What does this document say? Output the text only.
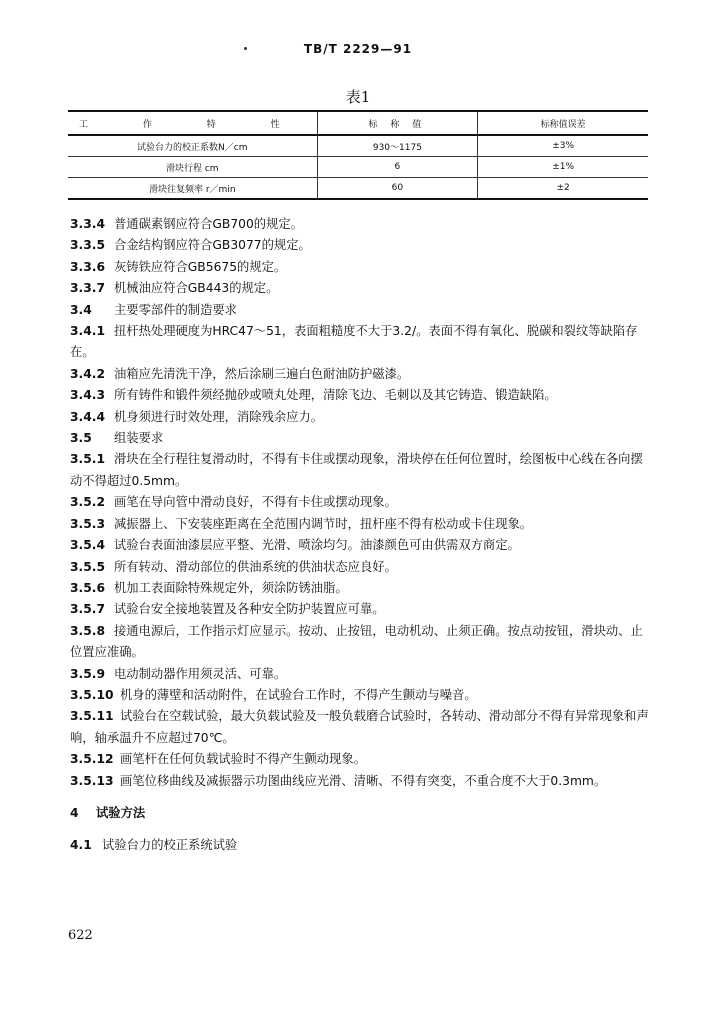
TB/T 2229—91
表1
工 作 特 性	标 称 值	标称值误差
试验台力的校正系数N／cm	930～1175	±3%
滑块行程 cm	6	±1%
滑块往复频率 r／min	60	±2

3.3.4 普通碳素钢应符合GB700的规定。

3.3.5 合金结构钢应符合GB3077的规定。

3.3.6 灰铸铁应符合GB5675的规定。

3.3.7 机械油应符合GB443的规定。

3.4 主要零部件的制造要求

3.4.1 扭杆热处理硬度为HRC47～51，表面粗糙度不大于3.2/。表面不得有氧化、脱碳和裂纹等缺陷存在。

3.4.2 油箱应先清洗干净，然后涂刷三遍白色耐油防护磁漆。

3.4.3 所有铸件和锻件须经抛砂或喷丸处理，清除飞边、毛刺以及其它铸造、锻造缺陷。

3.4.4 机身须进行时效处理，消除残余应力。

3.5 组装要求

3.5.1 滑块在全行程往复滑动时，不得有卡住或摆动现象，滑块停在任何位置时，绘图板中心线在各向摆动不得超过0.5mm。

3.5.2 画笔在导向管中滑动良好，不得有卡住或摆动现象。

3.5.3 减振器上、下安装座距离在全范围内调节时，扭杆座不得有松动或卡住现象。

3.5.4 试验台表面油漆层应平整、光滑、喷涂均匀。油漆颜色可由供需双方商定。

3.5.5 所有转动、滑动部位的供油系统的供油状态应良好。

3.5.6 机加工表面除特殊规定外，须涂防锈油脂。

3.5.7 试验台安全接地装置及各种安全防护装置应可靠。

3.5.8 接通电源后，工作指示灯应显示。按动、止按钮，电动机动、止须正确。按点动按钮，滑块动、止位置应准确。

3.5.9 电动制动器作用须灵活、可靠。

3.5.10 机身的薄壁和活动附件，在试验台工作时，不得产生颤动与噪音。

3.5.11 试验台在空载试验，最大负载试验及一般负载磨合试验时，各转动、滑动部分不得有异常现象和声响，轴承温升不应超过70℃。

3.5.12 画笔杆在任何负载试验时不得产生颤动现象。

3.5.13 画笔位移曲线及减振器示功图曲线应光滑、清晰、不得有突变，不重合度不大于0.3mm。

4 试验方法

4.1 试验台力的校正系统试验

622
